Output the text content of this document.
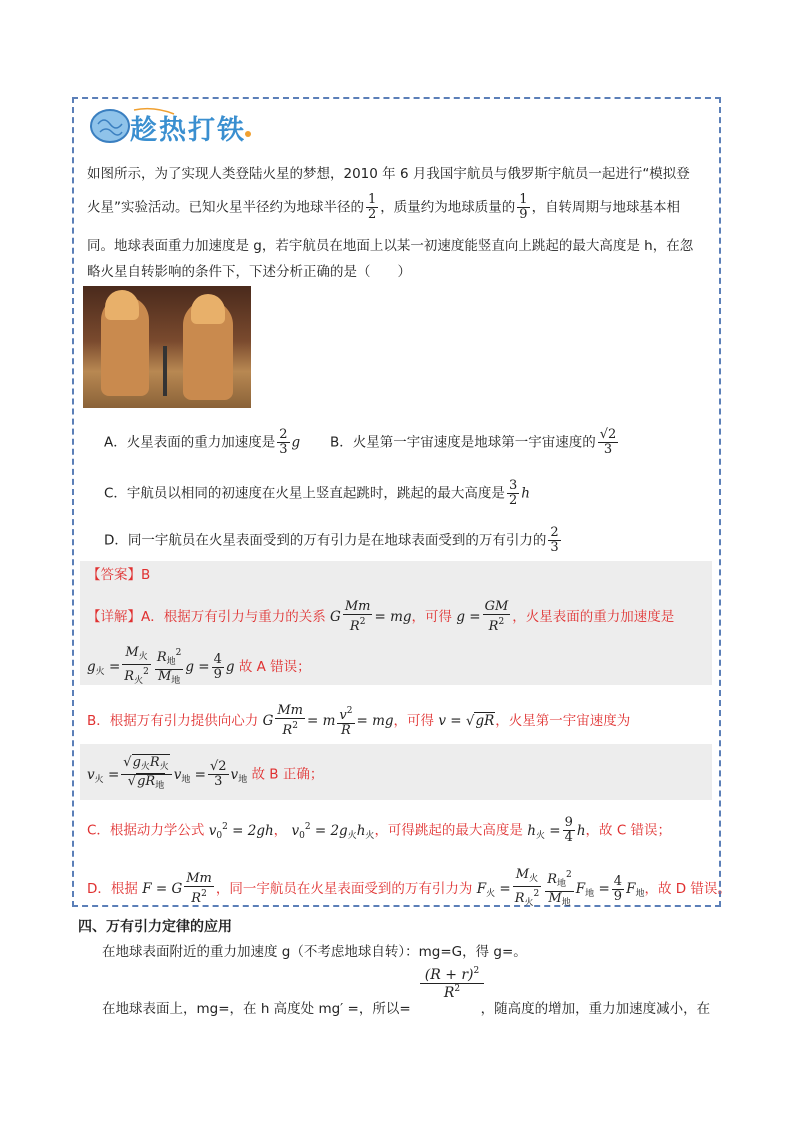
趁热打铁
如图所示，为了实现人类登陆火星的梦想，2010 年 6 月我国宇航员与俄罗斯宇航员一起进行“模拟登
火星”实验活动。已知火星半径约为地球半径的 $\frac{1}{2}$ ，质量约为地球质量的 $\frac{1}{9}$ ，自转周期与地球基本相
同。地球表面重力加速度是 g，若宇航员在地面上以某一初速度能竖直向上跳起的最大高度是 h，在忽
略火星自转影响的条件下，下述分析正确的是（　　）
A．火星表面的重力加速度是 $\frac{2}{3}$ g B．火星第一宇宙速度是地球第一宇宙速度的 $\frac{√2}{3}$
C．宇航员以相同的初速度在火星上竖直起跳时，跳起的最大高度是 $\frac{3}{2}$ h
D．同一宇航员在火星表面受到的万有引力是在地球表面受到的万有引力的 $\frac{2}{3}$
【答案】B
【详解】A．根据万有引力与重力的关系 G $\frac{Mm}{R^2}$ = mg，可得 $g = \frac{GM}{R^2}$ ，火星表面的重力加速度是
$g_火 = \frac{M_火}{R_火^2} \frac{R_地^2}{M_地}$ $g = \frac{4}{9}$ g 故 A 错误；
B．根据万有引力提供向心力 G $\frac{Mm}{R^2} = m \frac{v^2}{R}$ = mg，可得 v = √gR，火星第一宇宙速度为
$v_火 = \frac{√g_火R_火}{√gR_地} v_地 = \frac{√2}{3} v_地$ 故 B 正确；
C．根据动力学公式 $v_0^2 = 2gh$， $v_0^2 = 2g_火h_火$，可得跳起的最大高度是 $h_火 = \frac{9}{4}$ h，故 C 错误；
D．根据 F = G $\frac{Mm}{R^2}$ ，同一宇航员在火星表面受到的万有引力为 $F_火 = \frac{M_火}{R_火^2} \frac{R_地^2}{M_地} F_地 = \frac{4}{9} F_地$，故 D 错误。
四、万有引力定律的应用
在地球表面附近的重力加速度 g（不考虑地球自转）：mg=G，得 g=。
$(R + r)^2$
$R^2$
在地球表面上，mg=，在 h 高度处 mg′ =，所以=	，随高度的增加，重力加速度减小，在
